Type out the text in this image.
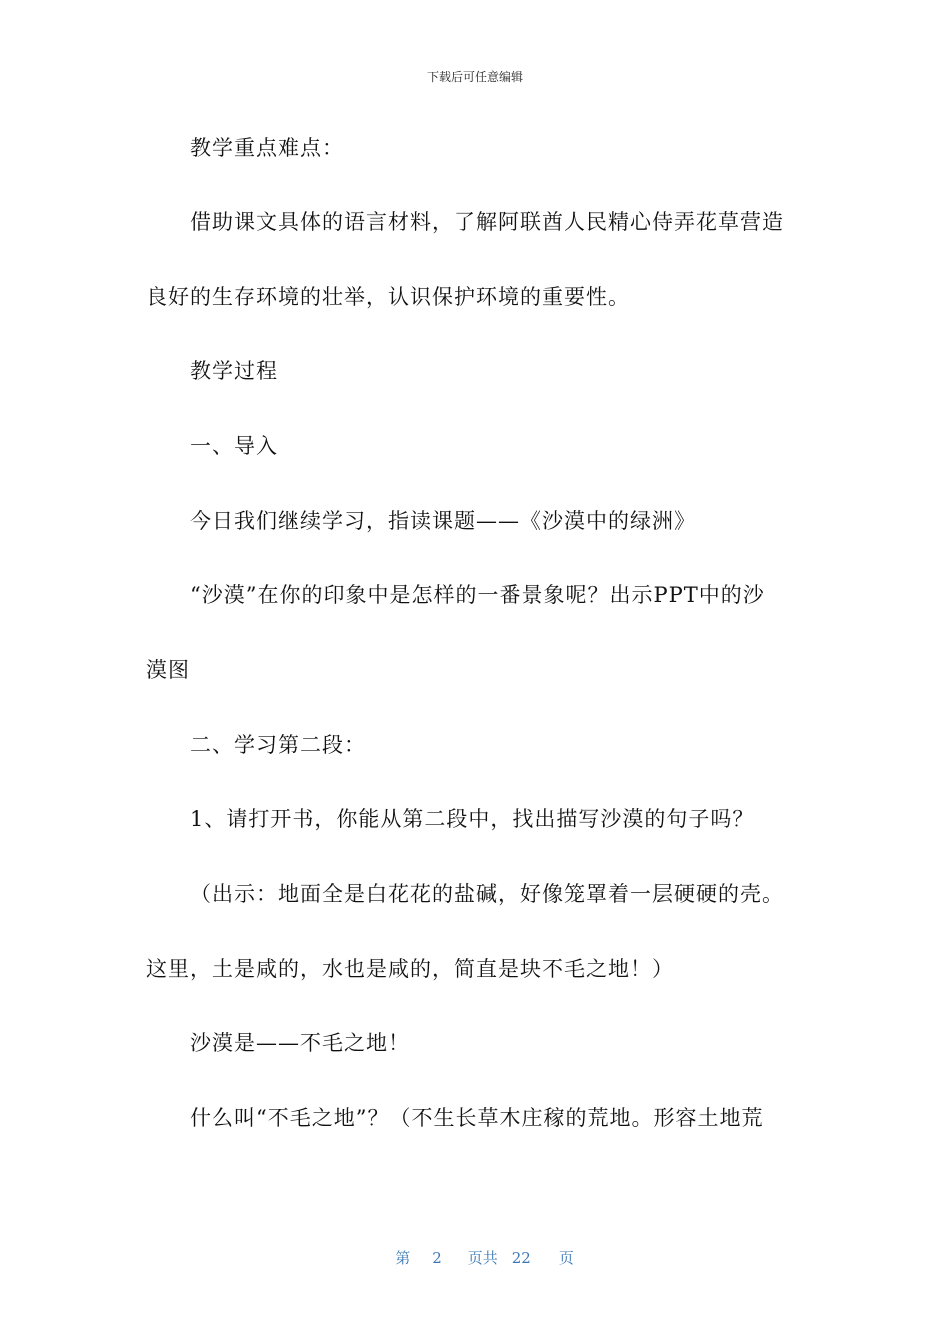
下载后可任意编辑
教学重点难点：
借助课文具体的语言材料，了解阿联酋人民精心侍弄花草营造
良好的生存环境的壮举，认识保护环境的重要性。
教学过程
一、导入
今日我们继续学习，指读课题——《沙漠中的绿洲》
“沙漠”在你的印象中是怎样的一番景象呢？出示PPT中的沙
漠图
二、学习第二段：
1、请打开书，你能从第二段中，找出描写沙漠的句子吗？
（出示：地面全是白花花的盐碱，好像笼罩着一层硬硬的壳。
这里，土是咸的，水也是咸的，简直是块不毛之地！）
沙漠是——不毛之地！
什么叫“不毛之地”？（不生长草木庄稼的荒地。形容土地荒

第 2 页共 22 页
